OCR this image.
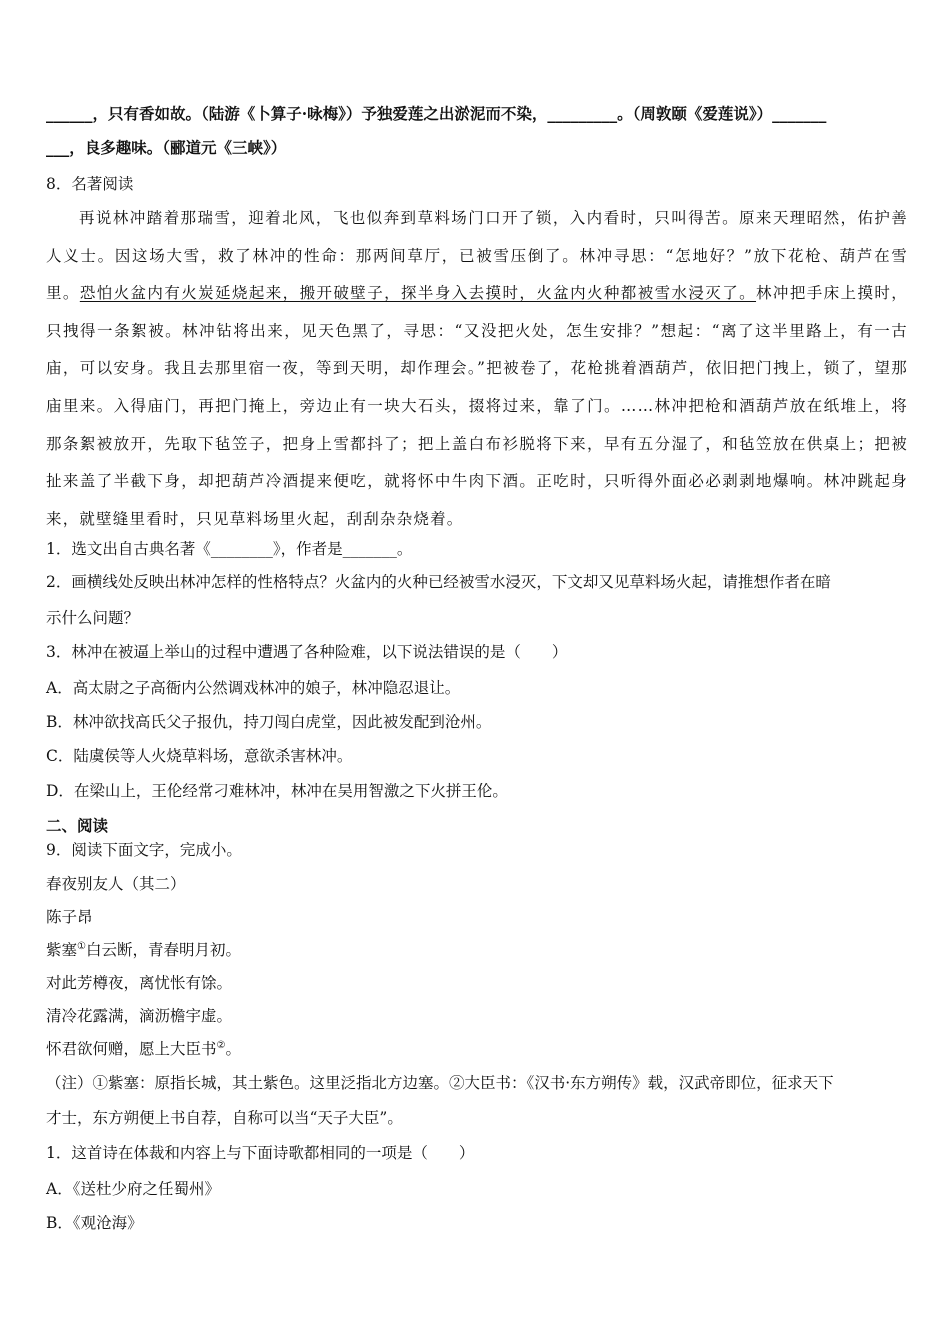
______，只有香如故。（陆游《卜算子·咏梅》）予独爱莲之出淤泥而不染，_________。（周敦颐《爱莲说》）_______
___，良多趣味。（郦道元《三峡》）
8．名著阅读

再说林冲踏着那瑞雪，迎着北风，飞也似奔到草料场门口开了锁，入内看时，只叫得苦。原来天理昭然，佑护善人义士。因这场大雪，救了林冲的性命：那两间草厅，已被雪压倒了。林冲寻思：“怎地好？”放下花枪、葫芦在雪里。恐怕火盆内有火炭延烧起来，搬开破壁子，探半身入去摸时，火盆内火种都被雪水浸灭了。林冲把手床上摸时，只拽得一条絮被。林冲钻将出来，见天色黑了，寻思：“又没把火处，怎生安排？”想起：“离了这半里路上，有一古庙，可以安身。我且去那里宿一夜，等到天明，却作理会。”把被卷了，花枪挑着酒葫芦，依旧把门拽上，锁了，望那庙里来。入得庙门，再把门掩上，旁边止有一块大石头，掇将过来，靠了门。……林冲把枪和酒葫芦放在纸堆上，将那条絮被放开，先取下毡笠子，把身上雪都抖了；把上盖白布衫脱将下来，早有五分湿了，和毡笠放在供桌上；把被扯来盖了半截下身，却把葫芦冷酒提来便吃，就将怀中牛肉下酒。正吃时，只听得外面必必剥剥地爆响。林冲跳起身来，就壁缝里看时，只见草料场里火起，刮刮杂杂烧着。

1．选文出自古典名著《________》，作者是_______。
2．画横线处反映出林冲怎样的性格特点？火盆内的火种已经被雪水浸灭，下文却又见草料场火起，请推想作者在暗
示什么问题？
3．林冲在被逼上举山的过程中遭遇了各种险难，以下说法错误的是（　　）
A．高太尉之子高衙内公然调戏林冲的娘子，林冲隐忍退让。
B．林冲欲找高氏父子报仇，持刀闯白虎堂，因此被发配到沧州。
C．陆虞侯等人火烧草料场，意欲杀害林冲。
D．在梁山上，王伦经常刁难林冲，林冲在吴用智激之下火拼王伦。
二、阅读
9．阅读下面文字，完成小。
春夜别友人（其二）
陈子昂
紫塞①白云断，青春明月初。
对此芳樽夜，离忧怅有馀。
清冷花露满，滴沥檐宇虚。
怀君欲何赠，愿上大臣书②。
（注）①紫塞：原指长城，其土紫色。这里泛指北方边塞。②大臣书：《汉书·东方朔传》载，汉武帝即位，征求天下
才士，东方朔便上书自荐，自称可以当“天子大臣”。
1．这首诗在体裁和内容上与下面诗歌都相同的一项是（　　）
A．《送杜少府之任蜀州》
B．《观沧海》
